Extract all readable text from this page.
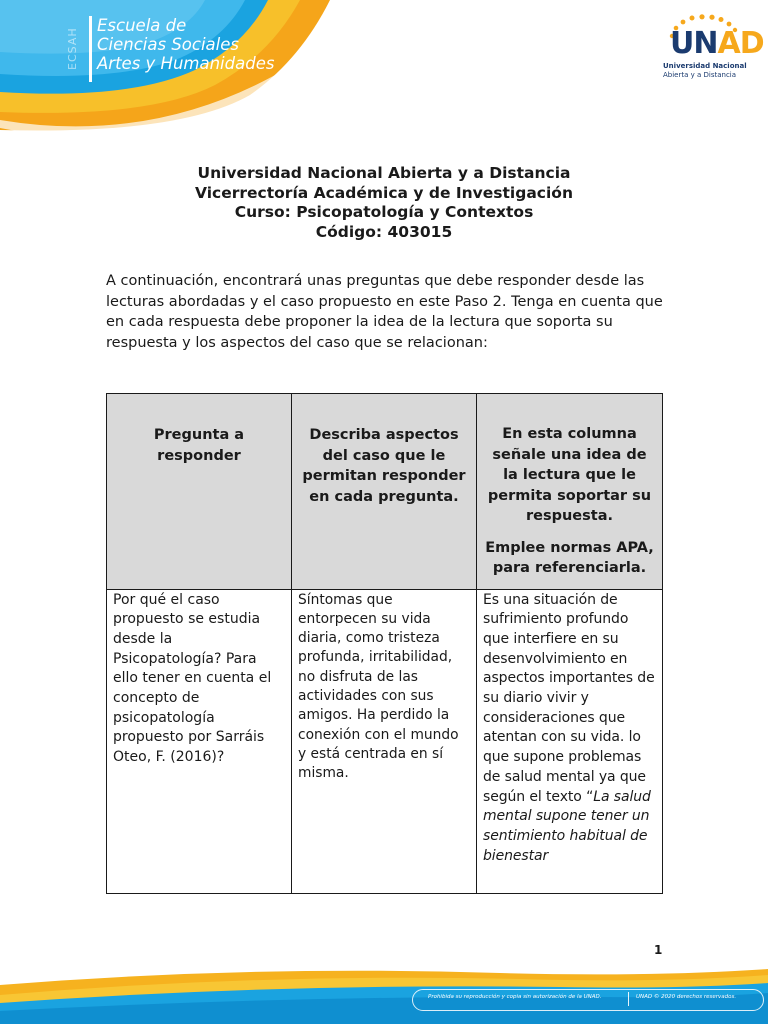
ECSAH
Escuela de
Ciencias Sociales
Artes y Humanidades
UNAD
Universidad Nacional
Abierta y a Distancia
Universidad Nacional Abierta y a Distancia
Vicerrectoría Académica y de Investigación
Curso: Psicopatología y Contextos
Código: 403015
A continuación, encontrará unas preguntas que debe responder desde las lecturas abordadas y el caso propuesto en este Paso 2. Tenga en cuenta que en cada respuesta debe proponer la idea de la lectura que soporta su respuesta y los aspectos del caso que se relacionan:
Pregunta a responder	Describa aspectos del caso que le permitan responder en cada pregunta.	En esta columna señale una idea de la lectura que le permita soportar su respuesta.
Emplee normas APA, para referenciarla.

Por qué el caso propuesto se estudia desde la Psicopatología? Para ello tener en cuenta el concepto de psicopatología propuesto por Sarráis Oteo, F. (2016)?	Síntomas que entorpecen su vida diaria, como tristeza profunda, irritabilidad, no disfruta de las actividades con sus amigos. Ha perdido la conexión con el mundo y está centrada en sí misma.	Es una situación de sufrimiento profundo que interfiere en su desenvolvimiento en aspectos importantes de su diario vivir y consideraciones que atentan con su vida. lo que supone problemas de salud mental ya que según el texto “La salud mental supone tener un sentimiento habitual de bienestar
1
Prohibida su reproducción y copia sin autorización de la UNAD.	UNAD © 2020 derechos reservados.
